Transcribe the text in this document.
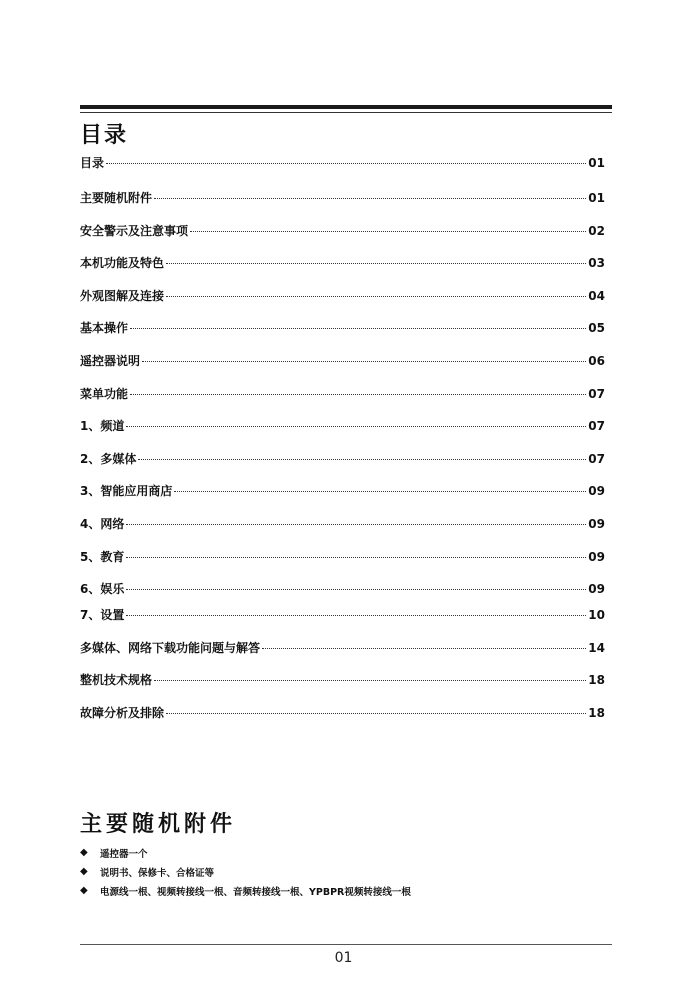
目录
目录	01
主要随机附件	01
安全警示及注意事项	02
本机功能及特色	03
外观图解及连接	04
基本操作	05
遥控器说明	06
菜单功能	07
1、频道	07
2、多媒体	07
3、智能应用商店	09
4、网络	09
5、教育	09
6、娱乐	09
7、设置	10
多媒体、网络下载功能问题与解答	14
整机技术规格	18
故障分析及排除	18
主要随机附件
◆	遥控器一个
◆	说明书、保修卡、合格证等
◆	电源线一根、视频转接线一根、音频转接线一根、YPBPR视频转接线一根
01
